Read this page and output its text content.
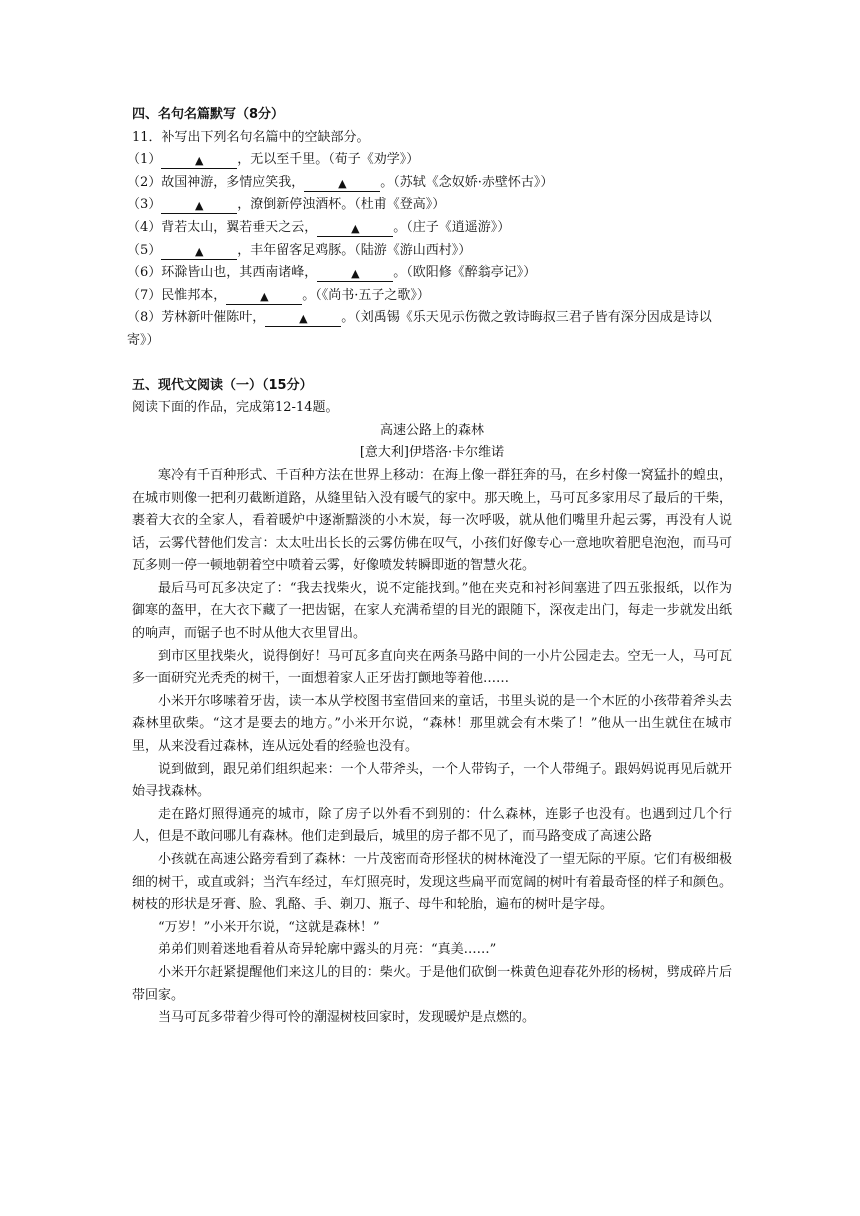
四、名句名篇默写（8分）
11．补写出下列名句名篇中的空缺部分。
（1）	▲	，无以至千里。（荀子《劝学》）
（2）故国神游，多情应笑我，	▲	。（苏轼《念奴娇·赤壁怀古》）
（3）	▲	，潦倒新停浊酒杯。（杜甫《登高》）
（4）背若太山，翼若垂天之云，	▲	。（庄子《逍遥游》）
（5）	▲	，丰年留客足鸡豚。（陆游《游山西村》）
（6）环滁皆山也，其西南诸峰，	▲	。（欧阳修《醉翁亭记》）
（7）民惟邦本，	▲	。（《尚书·五子之歌》）
（8）芳林新叶催陈叶，	▲	。（刘禹锡《乐天见示伤微之敦诗晦叔三君子皆有深分因成是诗以寄》）
五、现代文阅读（一）（15分）
阅读下面的作品，完成第12-14题。
高速公路上的森林
[意大利]伊塔洛·卡尔维诺
寒冷有千百种形式、千百种方法在世界上移动：在海上像一群狂奔的马，在乡村像一窝猛扑的蝗虫，在城市则像一把利刃截断道路，从缝里钻入没有暖气的家中。那天晚上，马可瓦多家用尽了最后的干柴，裹着大衣的全家人，看着暖炉中逐渐黯淡的小木炭，每一次呼吸，就从他们嘴里升起云雾，再没有人说话，云雾代替他们发言：太太吐出长长的云雾仿佛在叹气，小孩们好像专心一意地吹着肥皂泡泡，而马可瓦多则一停一顿地朝着空中喷着云雾，好像喷发转瞬即逝的智慧火花。
最后马可瓦多决定了：“我去找柴火，说不定能找到。”他在夹克和衬衫间塞进了四五张报纸，以作为御寒的盔甲，在大衣下藏了一把齿锯，在家人充满希望的目光的跟随下，深夜走出门，每走一步就发出纸的响声，而锯子也不时从他大衣里冒出。
到市区里找柴火，说得倒好！马可瓦多直向夹在两条马路中间的一小片公园走去。空无一人，马可瓦多一面研究光秃秃的树干，一面想着家人正牙齿打颤地等着他……
小米开尔哆嗦着牙齿，读一本从学校图书室借回来的童话，书里头说的是一个木匠的小孩带着斧头去森林里砍柴。“这才是要去的地方。”小米开尔说，“森林！那里就会有木柴了！”他从一出生就住在城市里，从来没看过森林，连从远处看的经验也没有。
说到做到，跟兄弟们组织起来：一个人带斧头，一个人带钩子，一个人带绳子。跟妈妈说再见后就开始寻找森林。
走在路灯照得通亮的城市，除了房子以外看不到别的：什么森林，连影子也没有。也遇到过几个行人，但是不敢问哪儿有森林。他们走到最后，城里的房子都不见了，而马路变成了高速公路
小孩就在高速公路旁看到了森林：一片茂密而奇形怪状的树林淹没了一望无际的平原。它们有极细极细的树干，或直或斜；当汽车经过，车灯照亮时，发现这些扁平而宽阔的树叶有着最奇怪的样子和颜色。树枝的形状是牙膏、脸、乳酪、手、剃刀、瓶子、母牛和轮胎，遍布的树叶是字母。
“万岁！”小米开尔说，“这就是森林！”
弟弟们则着迷地看着从奇异轮廓中露头的月亮：“真美……”
小米开尔赶紧提醒他们来这儿的目的：柴火。于是他们砍倒一株黄色迎春花外形的杨树，劈成碎片后带回家。
当马可瓦多带着少得可怜的潮湿树枝回家时，发现暖炉是点燃的。
